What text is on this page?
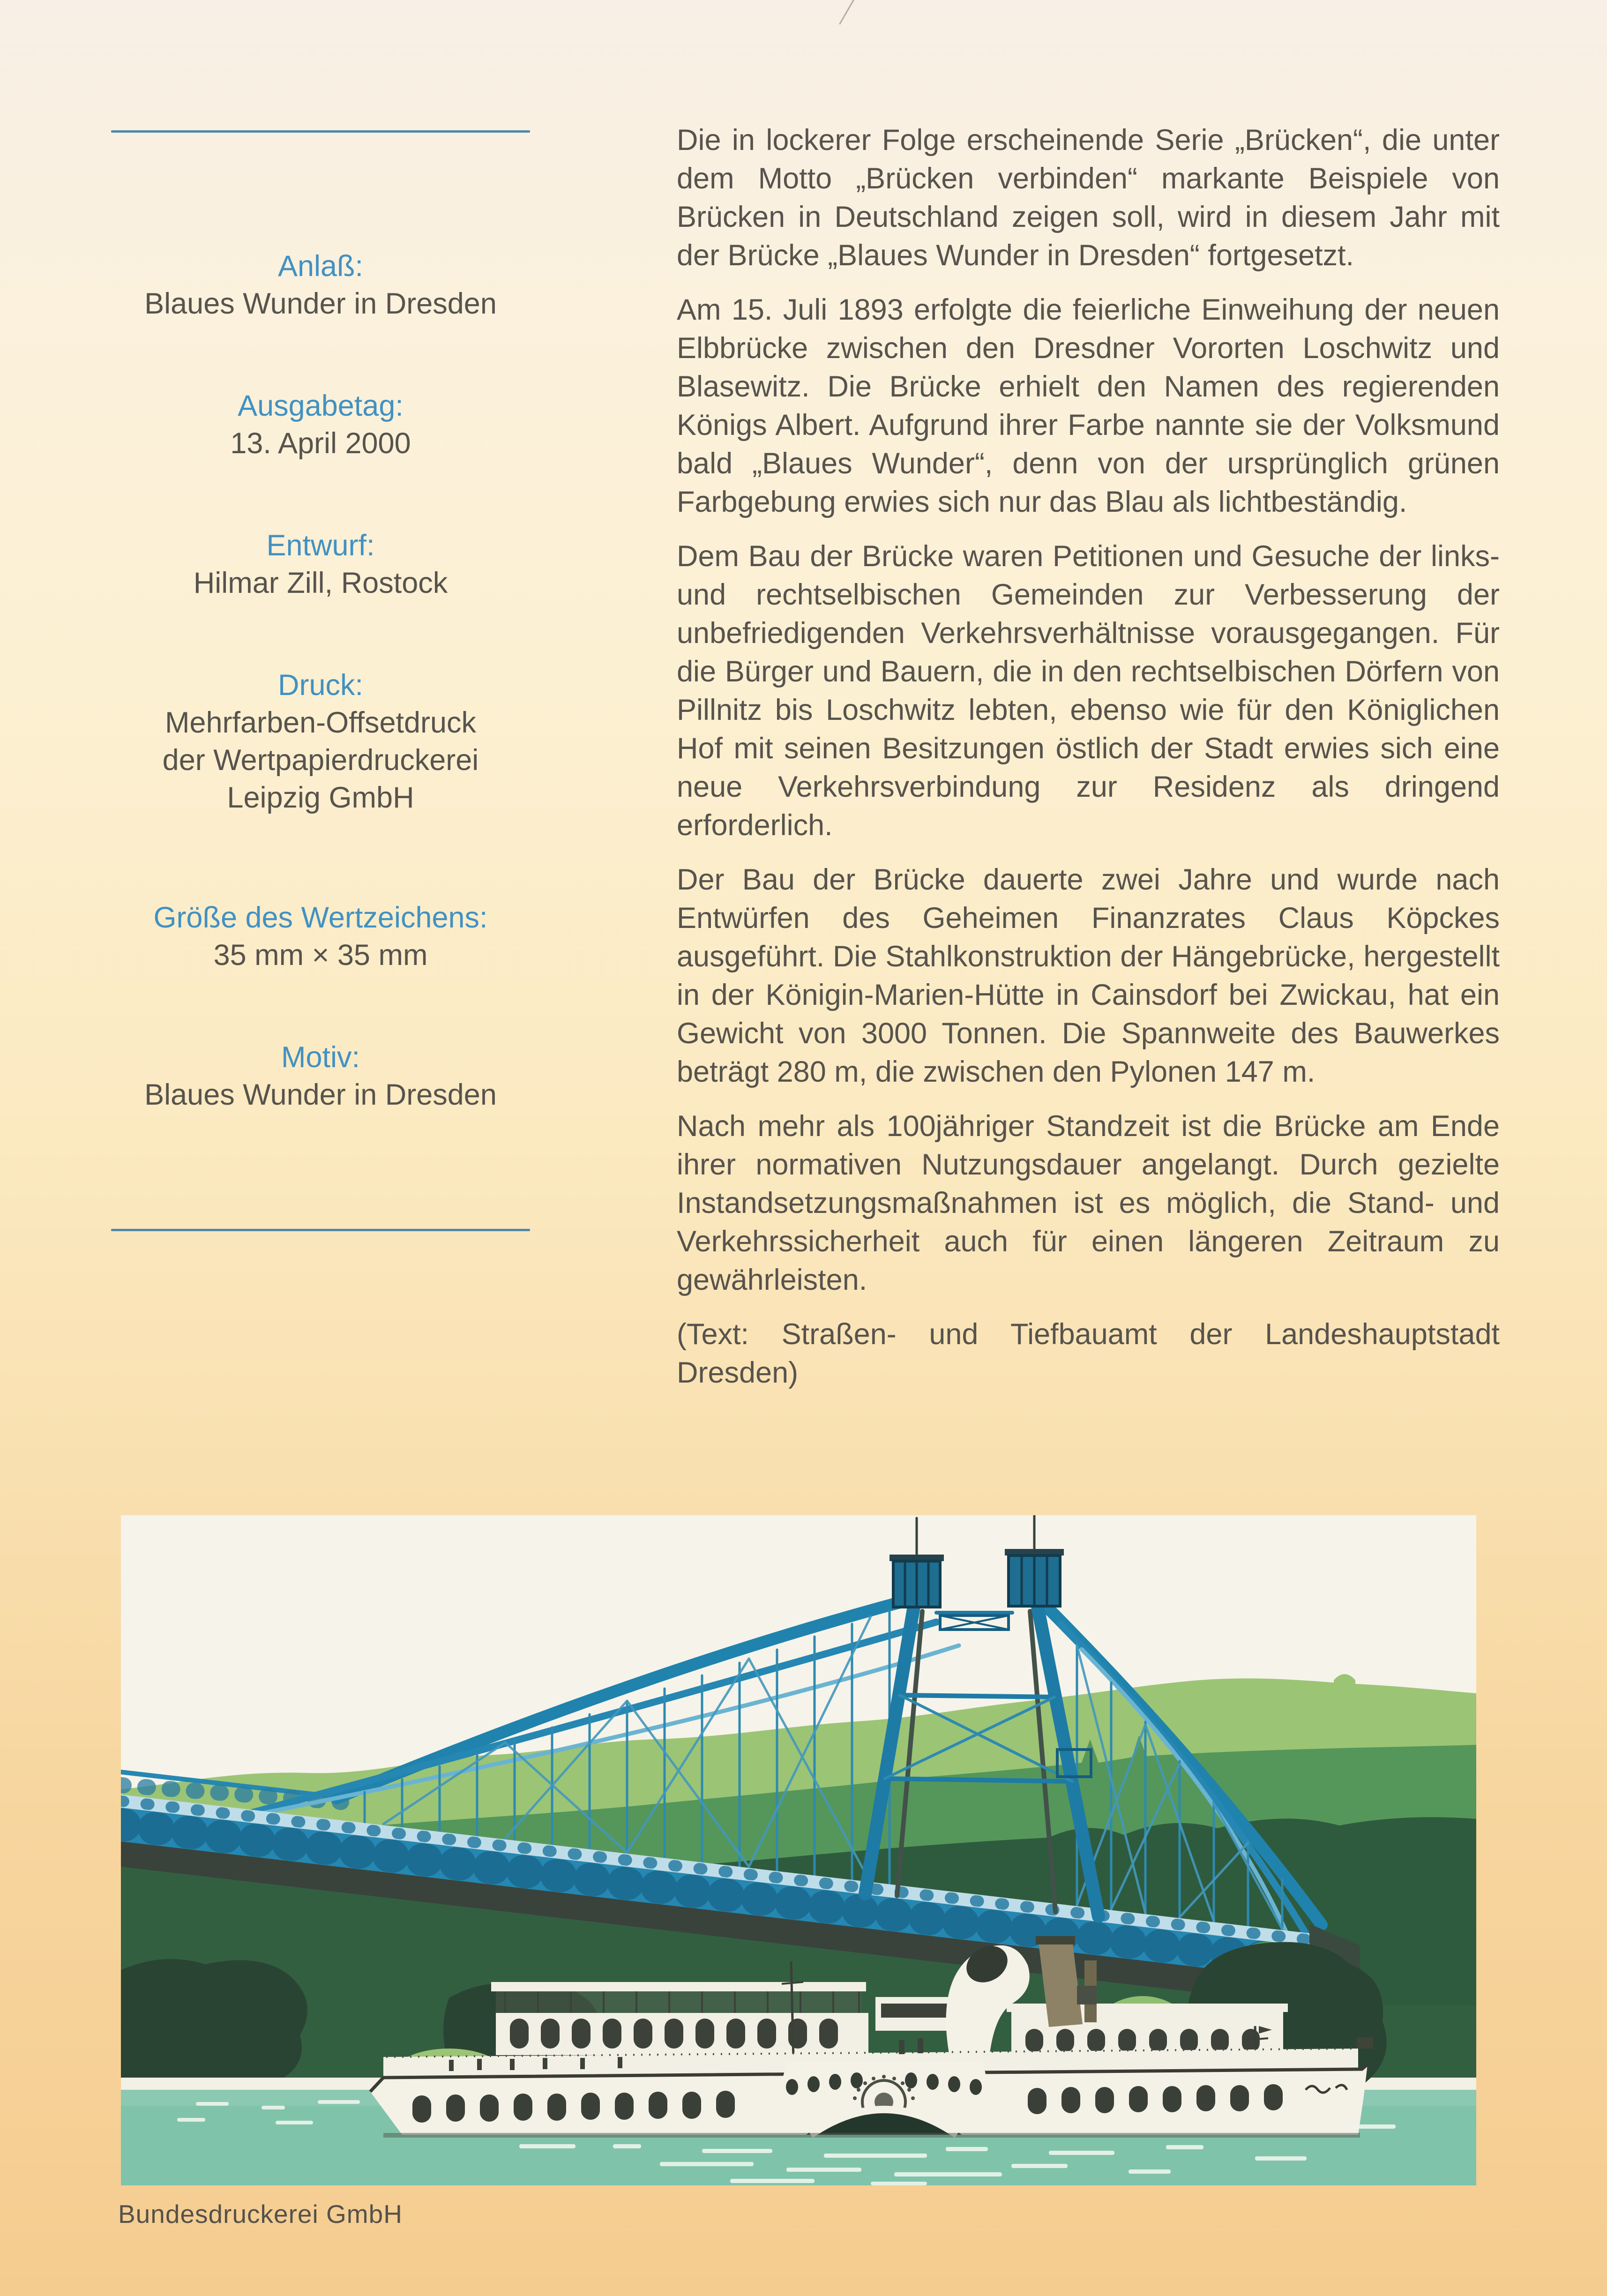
Anlaß:
Blaues Wunder in Dresden
Ausgabetag:
13. April 2000
Entwurf:
Hilmar Zill, Rostock
Druck:
Mehrfarben-Offsetdruck
der Wertpapierdruckerei
Leipzig GmbH
Größe des Wertzeichens:
35 mm × 35 mm
Motiv:
Blaues Wunder in Dresden

Die in lockerer Folge erscheinende Serie „Brücken“, die unter dem Motto „Brücken verbinden“ markante Beispiele von Brücken in Deutschland zeigen soll, wird in diesem Jahr mit der Brücke „Blaues Wunder in Dresden“ fortgesetzt.

Am 15. Juli 1893 erfolgte die feierliche Einweihung der neuen Elbbrücke zwischen den Dresdner Vororten Loschwitz und Blasewitz. Die Brücke erhielt den Namen des regierenden Königs Albert. Aufgrund ihrer Farbe nannte sie der Volksmund bald „Blaues Wunder“, denn von der ursprünglich grünen Farbgebung erwies sich nur das Blau als lichtbeständig.

Dem Bau der Brücke waren Petitionen und Gesuche der links- und rechtselbischen Gemeinden zur Verbesserung der unbefriedigenden Verkehrsverhältnisse vorausgegangen. Für die Bürger und Bauern, die in den rechtselbischen Dörfern von Pillnitz bis Loschwitz lebten, ebenso wie für den Königlichen Hof mit seinen Besitzungen östlich der Stadt erwies sich eine neue Verkehrsverbindung zur Residenz als dringend erforderlich.

Der Bau der Brücke dauerte zwei Jahre und wurde nach Entwürfen des Geheimen Finanzrates Claus Köpckes ausgeführt. Die Stahlkonstruktion der Hängebrücke, hergestellt in der Königin-Marien-Hütte in Cainsdorf bei Zwickau, hat ein Gewicht von 3000 Tonnen. Die Spannweite des Bauwerkes beträgt 280 m, die zwischen den Pylonen 147 m.

Nach mehr als 100jähriger Standzeit ist die Brücke am Ende ihrer normativen Nutzungsdauer angelangt. Durch gezielte Instandsetzungsmaßnahmen ist es möglich, die Stand- und Verkehrssicherheit auch für einen längeren Zeitraum zu gewährleisten.

(Text: Straßen- und Tiefbauamt der Landeshauptstadt Dresden)

Bundesdruckerei GmbH
